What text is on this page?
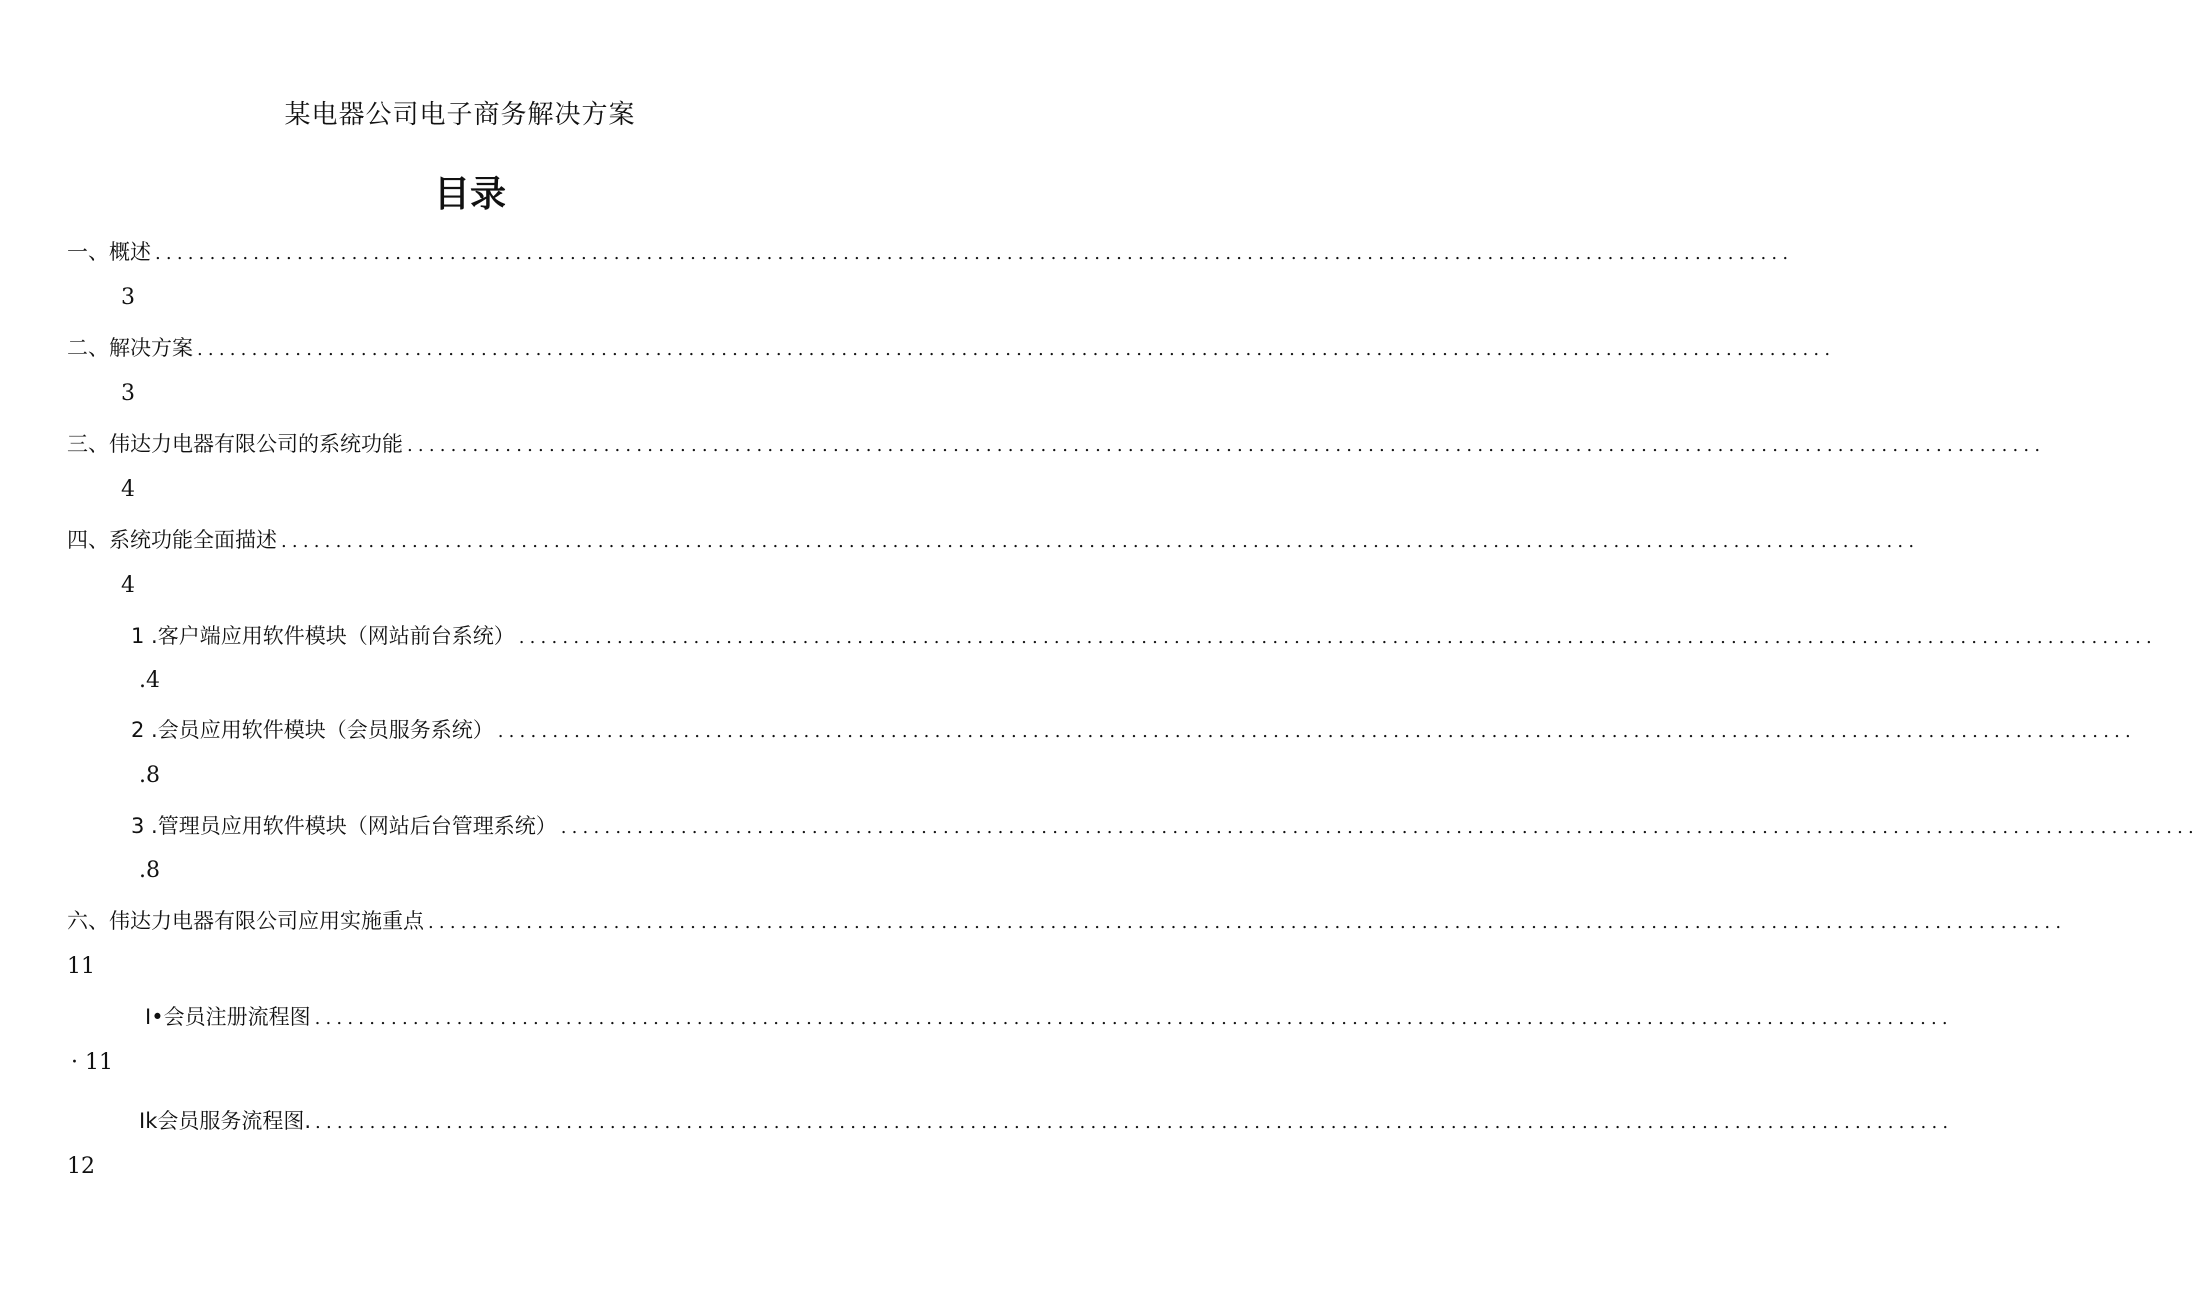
某电器公司电子商务解决方案
目录
一、概述 ......................................................................................................................................................
3
二、解决方案 ......................................................................................................................................................
3
三、伟达力电器有限公司的系统功能 ......................................................................................................................................................
4
四、系统功能全面描述 ......................................................................................................................................................
4
1 .客户端应用软件模块（网站前台系统） ......................................................................................................................................................
.4
2 .会员应用软件模块（会员服务系统） ......................................................................................................................................................
.8
3 .管理员应用软件模块（网站后台管理系统） ......................................................................................................................................................
.8
六、伟达力电器有限公司应用实施重点 ......................................................................................................................................................
11
I•会员注册流程图 ......................................................................................................................................................
· 11
Ik会员服务流程图. ......................................................................................................................................................
12
